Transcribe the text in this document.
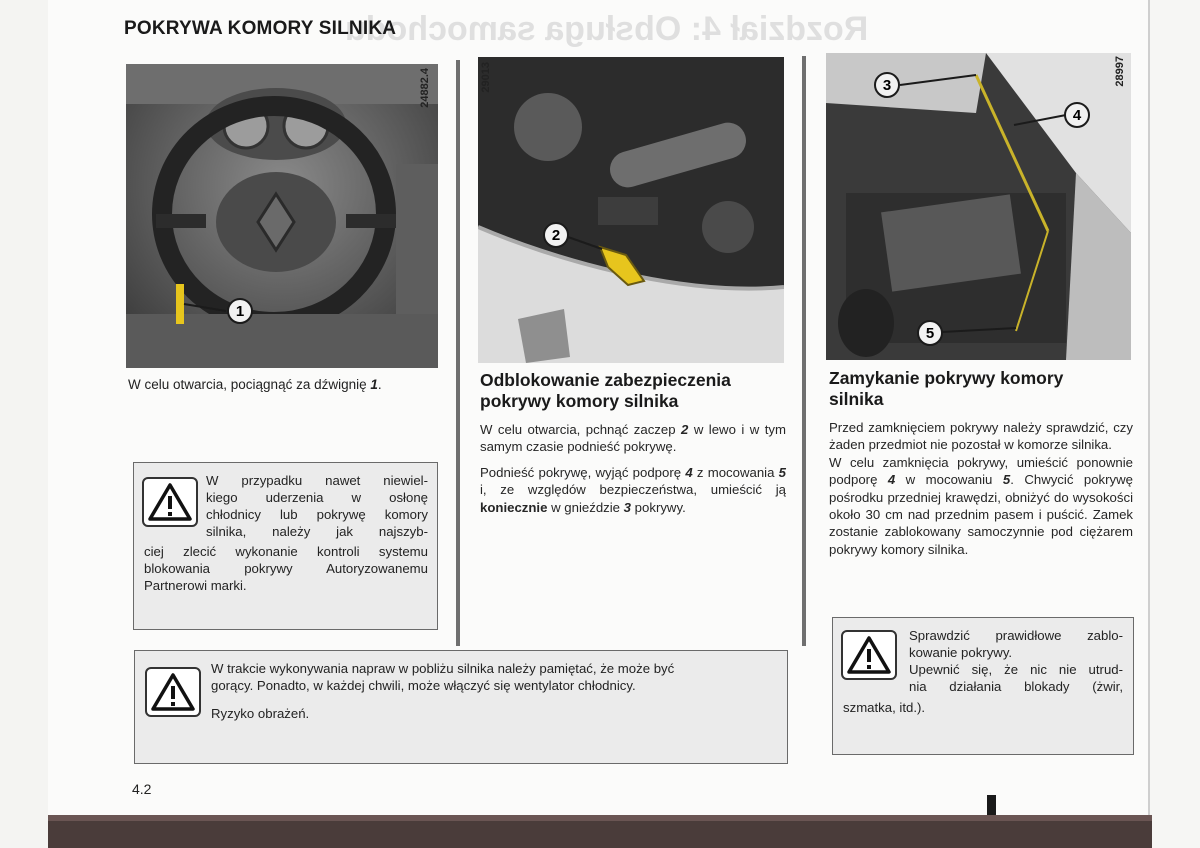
Rozdział 4: Obsługa samochodu
POKRYWA KOMORY SILNIKA
1
24882.4
2
29013	3
4
5
28997
W celu otwarcia, pociągnąć za dźwignię 1.
W przypadku nawet niewiel-
kiego uderzenia w osłonę
chłodnicy lub pokrywę komory
silnika, należy jak najszyb-
ciej zlecić wykonanie kontroli systemu
blokowania pokrywy Autoryzowanemu
Partnerowi marki.
Odblokowanie zabezpieczenia pokrywy komory silnika
W celu otwarcia, pchnąć zaczep 2 w lewo i w tym samym czasie podnieść pokrywę.
Podnieść pokrywę, wyjąć podporę 4 z mocowania 5 i, ze względów bezpieczeństwa, umieścić ją koniecznie w gnieździe 3 pokrywy.
Zamykanie pokrywy komory silnika
Przed zamknięciem pokrywy należy sprawdzić, czy żaden przedmiot nie pozostał w komorze silnika.
W celu zamknięcia pokrywy, umieścić ponownie podporę 4 w mocowaniu 5. Chwycić pokrywę pośrodku przedniej krawędzi, obniżyć do wysokości około 30 cm nad przednim pasem i puścić. Zamek zostanie zablokowany samoczynnie pod ciężarem pokrywy komory silnika.
Sprawdzić prawidłowe zablo-
kowanie pokrywy.
Upewnić się, że nic nie utrud-
nia działania blokady (żwir,
szmatka, itd.).
W trakcie wykonywania napraw w pobliżu silnika należy pamiętać, że może być
gorący. Ponadto, w każdej chwili, może włączyć się wentylator chłodnicy.
Ryzyko obrażeń.
4.2
